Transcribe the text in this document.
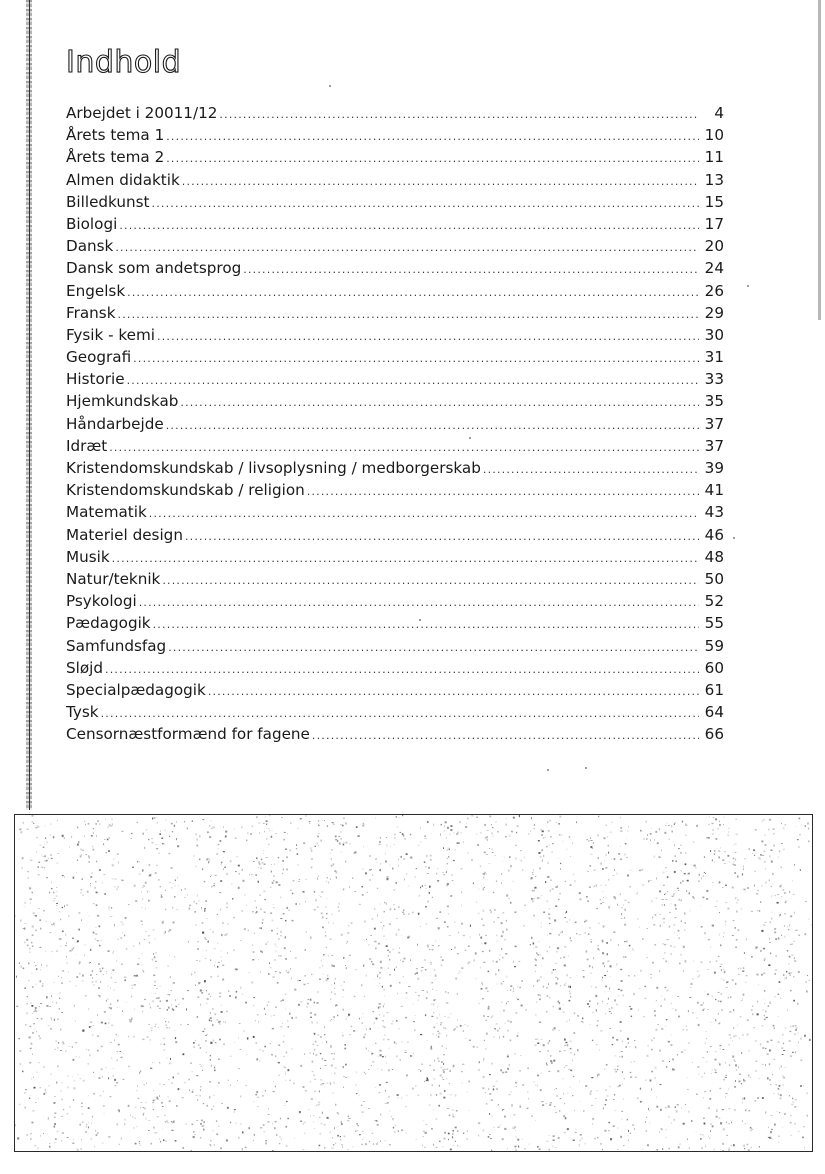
Indhold
Arbejdet i 20011/12 .....	4
Årets tema 1 .....	10
Årets tema 2 .....	11
Almen didaktik .....	13
Billedkunst .....	15
Biologi .....	17
Dansk .....	20
Dansk som andetsprog .....	24
Engelsk .....	26
Fransk .....	29
Fysik - kemi .....	30
Geografi .....	31
Historie .....	33
Hjemkundskab .....	35
Håndarbejde .....	37
Idræt .....	37
Kristendomskundskab / livsoplysning / medborgerskab .....	39
Kristendomskundskab / religion .....	41
Matematik .....	43
Materiel design .....	46
Musik .....	48
Natur/teknik .....	50
Psykologi .....	52
Pædagogik .....	55
Samfundsfag .....	59
Sløjd .....	60
Specialpædagogik .....	61
Tysk .....	64
Censornæstformænd for fagene .....	66
